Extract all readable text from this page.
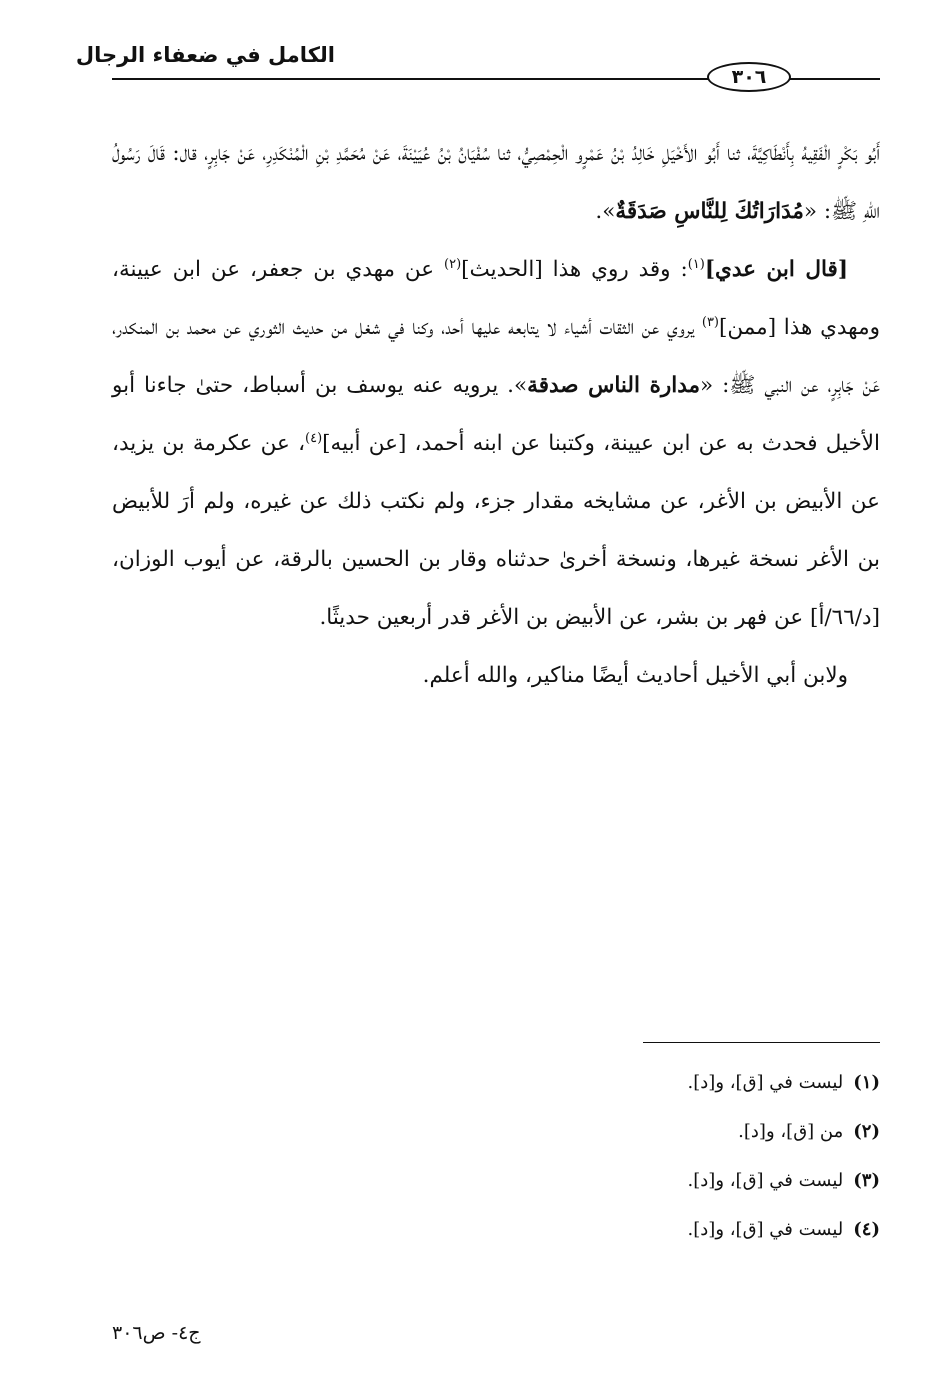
الكامل في ضعفاء الرجال
٣٠٦

أَبُو بَكْرٍ الْفَقِيهُ بِأَنْطَاكِيَّةَ، ثنا أَبُو الأَخْيَلِ خَالِدُ بْنُ عَمْرٍو الْحِمْصِيُّ، ثنا سُفْيَانُ بْنُ عُيَيْنَةَ، عَنْ مُحَمَّدِ بْنِ الْمُنْكَدِرِ، عَنْ جَابِرٍ، قال: قَالَ رَسُولُ اللهِ ﷺ: «مُدَارَاتُكَ لِلنَّاسِ صَدَقَةٌ».

[قال ابن عدي]$^{(١)}$: وقد روي هذا [الحديث]$^{(٢)}$ عن مهدي بن جعفر، عن ابن عيينة، ومهدي هذا [ممن]$^{(٣)}$ يروي عن الثقات أشياء لا يتابعه عليها أحد، وكنا في شغل من حديث الثوري عن محمد بن المنكدر، عَنْ جَابِرٍ، عن النبي ﷺ: «مدارة الناس صدقة». يرويه عنه يوسف بن أسباط، حتىٰ جاءنا أبو الأخيل فحدث به عن ابن عيينة، وكتبنا عن ابنه أحمد، [عن أبيه]$^{(٤)}$، عن عكرمة بن يزيد، عن الأبيض بن الأغر، عن مشايخه مقدار جزء، ولم نكتب ذلك عن غيره، ولم أرَ للأبيض بن الأغر نسخة غيرها، ونسخة أخرىٰ حدثناه وقار بن الحسين بالرقة، عن أيوب الوزان، [د/٦٦/أ] عن فهر بن بشر، عن الأبيض بن الأغر قدر أربعين حديثًا.

ولابن أبي الأخيل أحاديث أيضًا مناكير، والله أعلم.

(١)ليست في [ق]، و[د].
(٢)من [ق]، و[د].
(٣)ليست في [ق]، و[د].
(٤)ليست في [ق]، و[د].
ج٤- ص٣٠٦
